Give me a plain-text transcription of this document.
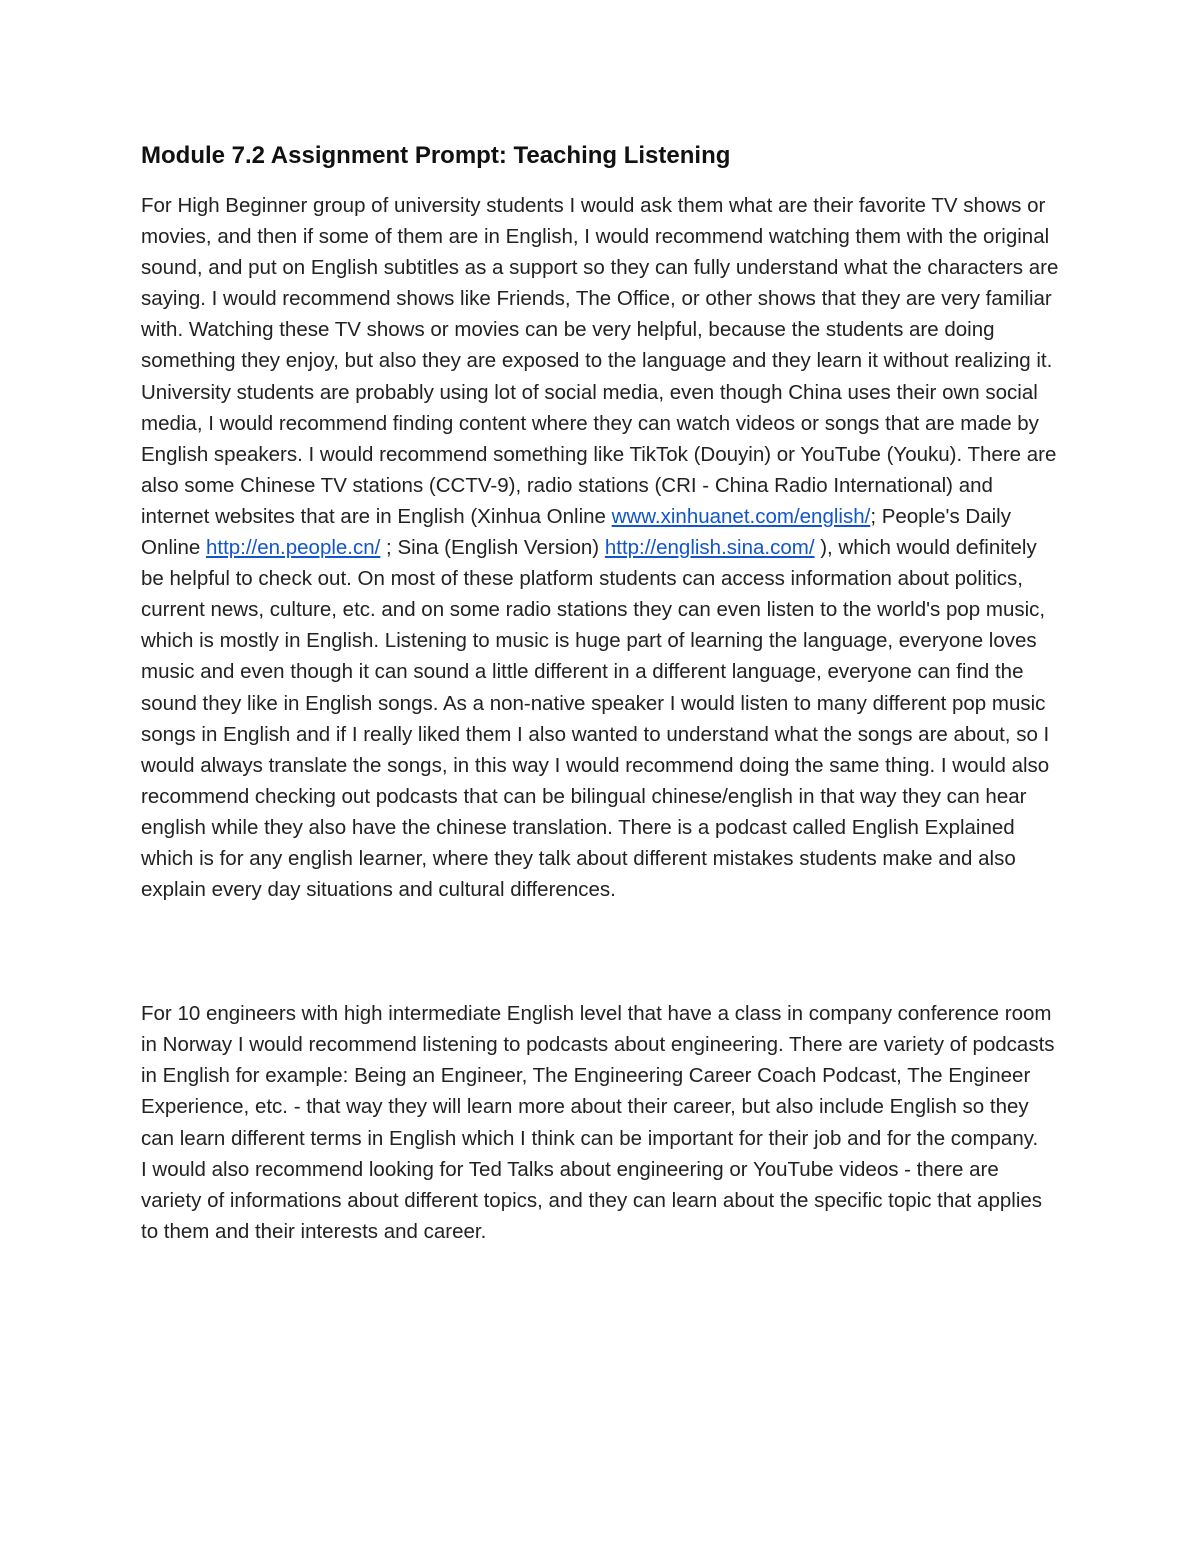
Module 7.2 Assignment Prompt: Teaching Listening

For High Beginner group of university students I would ask them what are their favorite TV shows or movies, and then if some of them are in English, I would recommend watching them with the original sound, and put on English subtitles as a support so they can fully understand what the characters are saying. I would recommend shows like Friends, The Office, or other shows that they are very familiar with. Watching these TV shows or movies can be very helpful, because the students are doing something they enjoy, but also they are exposed to the language and they learn it without realizing it. University students are probably using lot of social media, even though China uses their own social media, I would recommend finding content where they can watch videos or songs that are made by English speakers. I would recommend something like TikTok (Douyin) or YouTube (Youku). There are also some Chinese TV stations (CCTV-9), radio stations (CRI - China Radio International) and internet websites that are in English (Xinhua Online www.xinhuanet.com/english/; People's Daily Online http://en.people.cn/ ; Sina (English Version) http://english.sina.com/ ), which would definitely be helpful to check out. On most of these platform students can access information about politics, current news, culture, etc. and on some radio stations they can even listen to the world's pop music, which is mostly in English. Listening to music is huge part of learning the language, everyone loves music and even though it can sound a little different in a different language, everyone can find the sound they like in English songs. As a non-native speaker I would listen to many different pop music songs in English and if I really liked them I also wanted to understand what the songs are about, so I would always translate the songs, in this way I would recommend doing the same thing. I would also recommend checking out podcasts that can be bilingual chinese/english in that way they can hear english while they also have the chinese translation. There is a podcast called English Explained which is for any english learner, where they talk about different mistakes students make and also explain every day situations and cultural differences.

For 10 engineers with high intermediate English level that have a class in company conference room in Norway I would recommend listening to podcasts about engineering. There are variety of podcasts in English for example: Being an Engineer, The Engineering Career Coach Podcast, The Engineer Experience, etc. - that way they will learn more about their career, but also include English so they can learn different terms in English which I think can be important for their job and for the company.

I would also recommend looking for Ted Talks about engineering or YouTube videos - there are variety of informations about different topics, and they can learn about the specific topic that applies to them and their interests and career.
